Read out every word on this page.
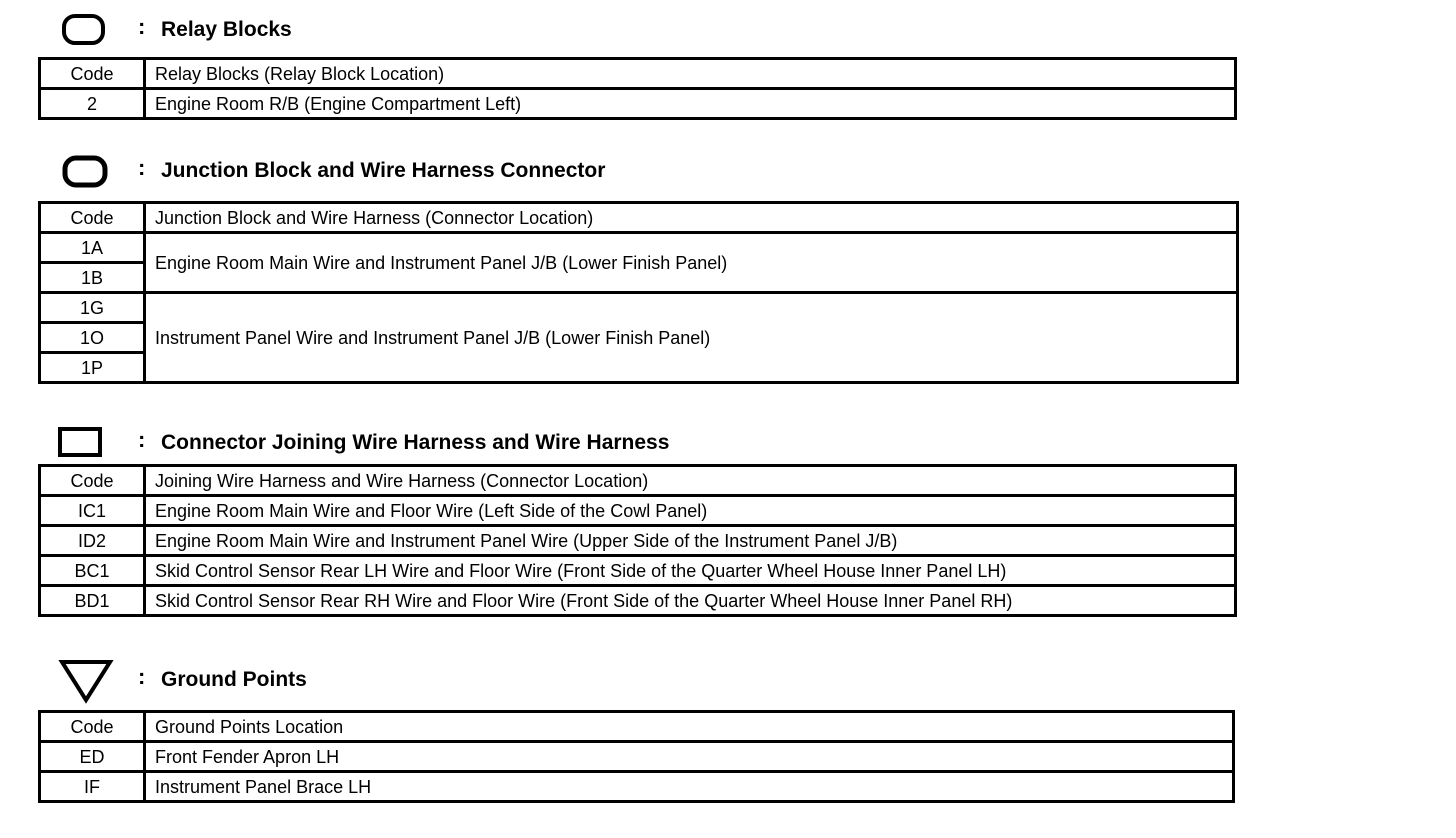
: Relay Blocks
Code	Relay Blocks (Relay Block Location)
2	Engine Room R/B (Engine Compartment Left)
: Junction Block and Wire Harness Connector
Code	Junction Block and Wire Harness (Connector Location)
1A	Engine Room Main Wire and Instrument Panel J/B (Lower Finish Panel)
1B	
1G	Instrument Panel Wire and Instrument Panel J/B (Lower Finish Panel)
1O	
1P	
: Connector Joining Wire Harness and Wire Harness
Code	Joining Wire Harness and Wire Harness (Connector Location)
IC1	Engine Room Main Wire and Floor Wire (Left Side of the Cowl Panel)
ID2	Engine Room Main Wire and Instrument Panel Wire (Upper Side of the Instrument Panel J/B)
BC1	Skid Control Sensor Rear LH Wire and Floor Wire (Front Side of the Quarter Wheel House Inner Panel LH)
BD1	Skid Control Sensor Rear RH Wire and Floor Wire (Front Side of the Quarter Wheel House Inner Panel RH)
: Ground Points
Code	Ground Points Location
ED	Front Fender Apron LH
IF	Instrument Panel Brace LH
